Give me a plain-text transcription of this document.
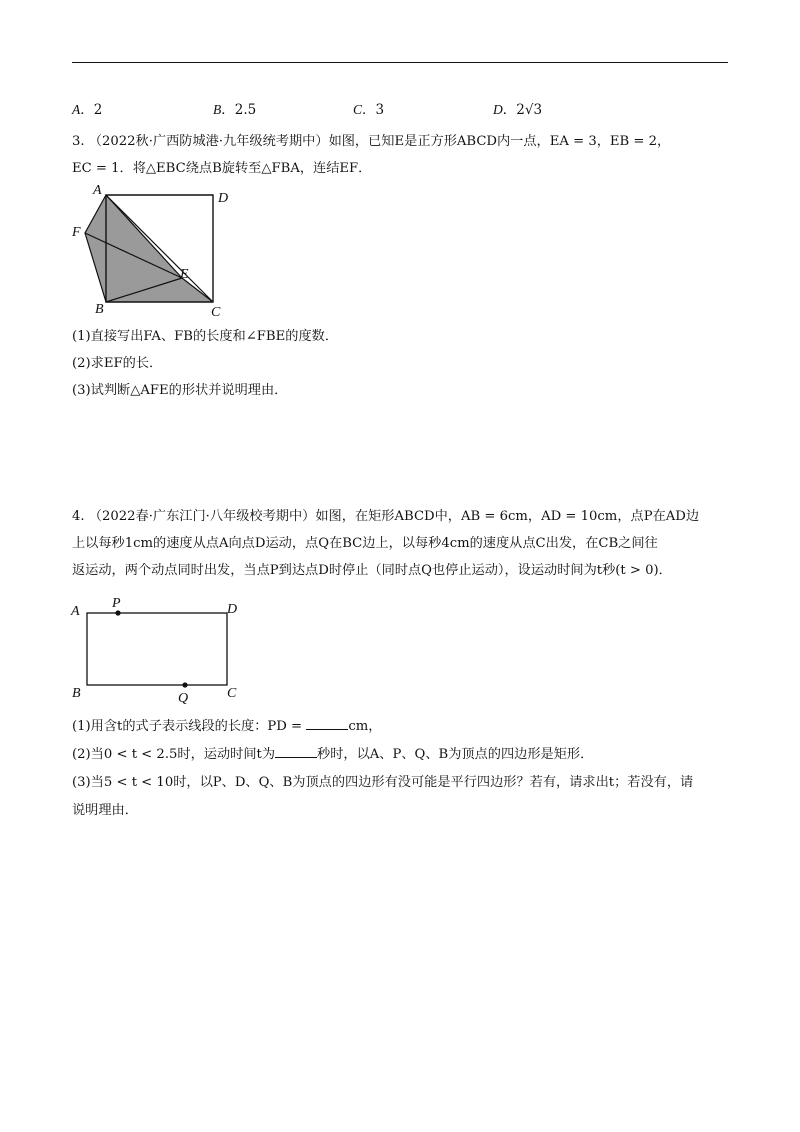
A．2	B．2.5	C．3	D．2√3
3. （2022秋·广西防城港·九年级统考期中）如图，已知E是正方形ABCD内一点，EA = 3，EB = 2，
EC = 1．将△EBC绕点B旋转至△FBA，连结EF．
A
D
F
E
B	C
(1)直接写出FA、FB的长度和∠FBE的度数．
(2)求EF的长．
(3)试判断△AFE的形状并说明理由．
4. （2022春·广东江门·八年级校考期中）如图，在矩形ABCD中，AB = 6cm，AD = 10cm，点P在AD边
上以每秒1cm的速度从点A向点D运动，点Q在BC边上，以每秒4cm的速度从点C出发，在CB之间往
返运动，两个动点同时出发，当点P到达点D时停止（同时点Q也停止运动），设运动时间为t秒(t > 0)．
A
P	D
B	Q	C
(1)用含t的式子表示线段的长度：PD =	cm，
(2)当0 < t < 2.5时，运动时间t为	秒时，以A、P、Q、B为顶点的四边形是矩形．
(3)当5 < t < 10时，以P、D、Q、B为顶点的四边形有没可能是平行四边形？若有，请求出t；若没有，请
说明理由．
